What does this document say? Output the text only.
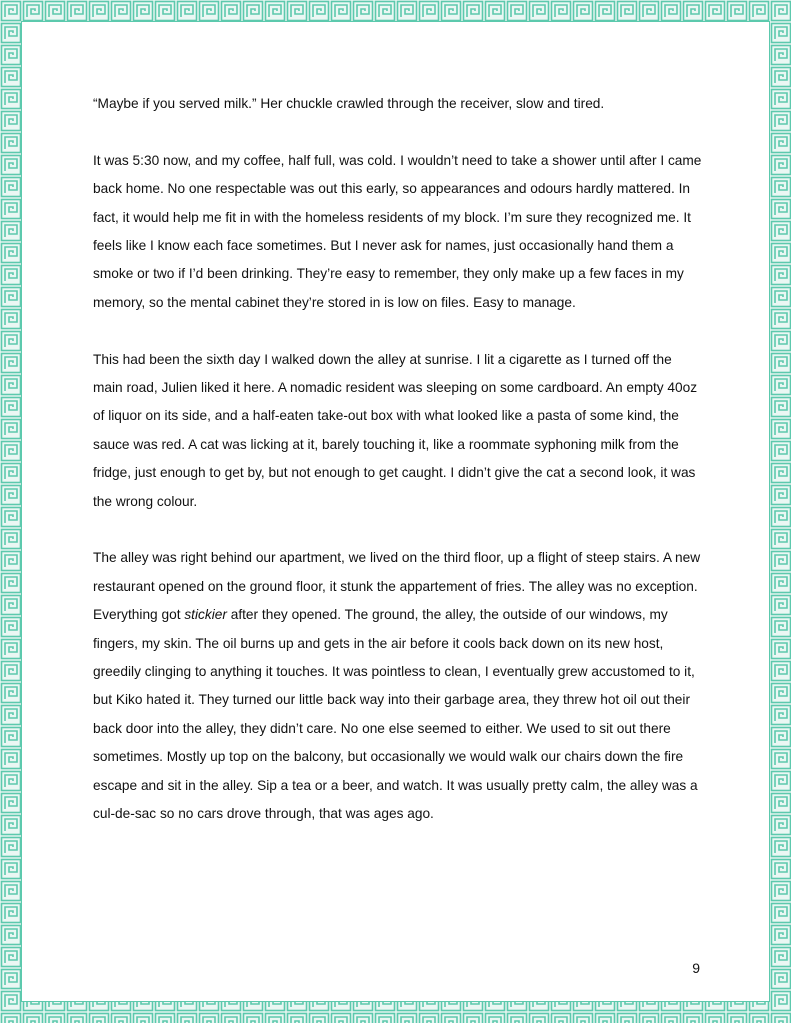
“Maybe if you served milk.” Her chuckle crawled through the receiver, slow and tired.

It was 5:30 now, and my coffee, half full, was cold. I wouldn’t need to take a shower until after I came back home. No one respectable was out this early, so appearances and odours hardly mattered. In fact, it would help me fit in with the homeless residents of my block. I’m sure they recognized me. It feels like I know each face sometimes. But I never ask for names, just occasionally hand them a smoke or two if I’d been drinking. They’re easy to remember, they only make up a few faces in my memory, so the mental cabinet they’re stored in is low on files. Easy to manage.

This had been the sixth day I walked down the alley at sunrise. I lit a cigarette as I turned off the main road, Julien liked it here. A nomadic resident was sleeping on some cardboard. An empty 40oz of liquor on its side, and a half-eaten take-out box with what looked like a pasta of some kind, the sauce was red. A cat was licking at it, barely touching it, like a roommate syphoning milk from the fridge, just enough to get by, but not enough to get caught. I didn’t give the cat a second look, it was the wrong colour.

The alley was right behind our apartment, we lived on the third floor, up a flight of steep stairs. A new restaurant opened on the ground floor, it stunk the appartement of fries. The alley was no exception. Everything got stickier after they opened. The ground, the alley, the outside of our windows, my fingers, my skin. The oil burns up and gets in the air before it cools back down on its new host, greedily clinging to anything it touches. It was pointless to clean, I eventually grew accustomed to it, but Kiko hated it. They turned our little back way into their garbage area, they threw hot oil out their back door into the alley, they didn’t care. No one else seemed to either. We used to sit out there sometimes. Mostly up top on the balcony, but occasionally we would walk our chairs down the fire escape and sit in the alley. Sip a tea or a beer, and watch. It was usually pretty calm, the alley was a cul-de-sac so no cars drove through, that was ages ago.

9
